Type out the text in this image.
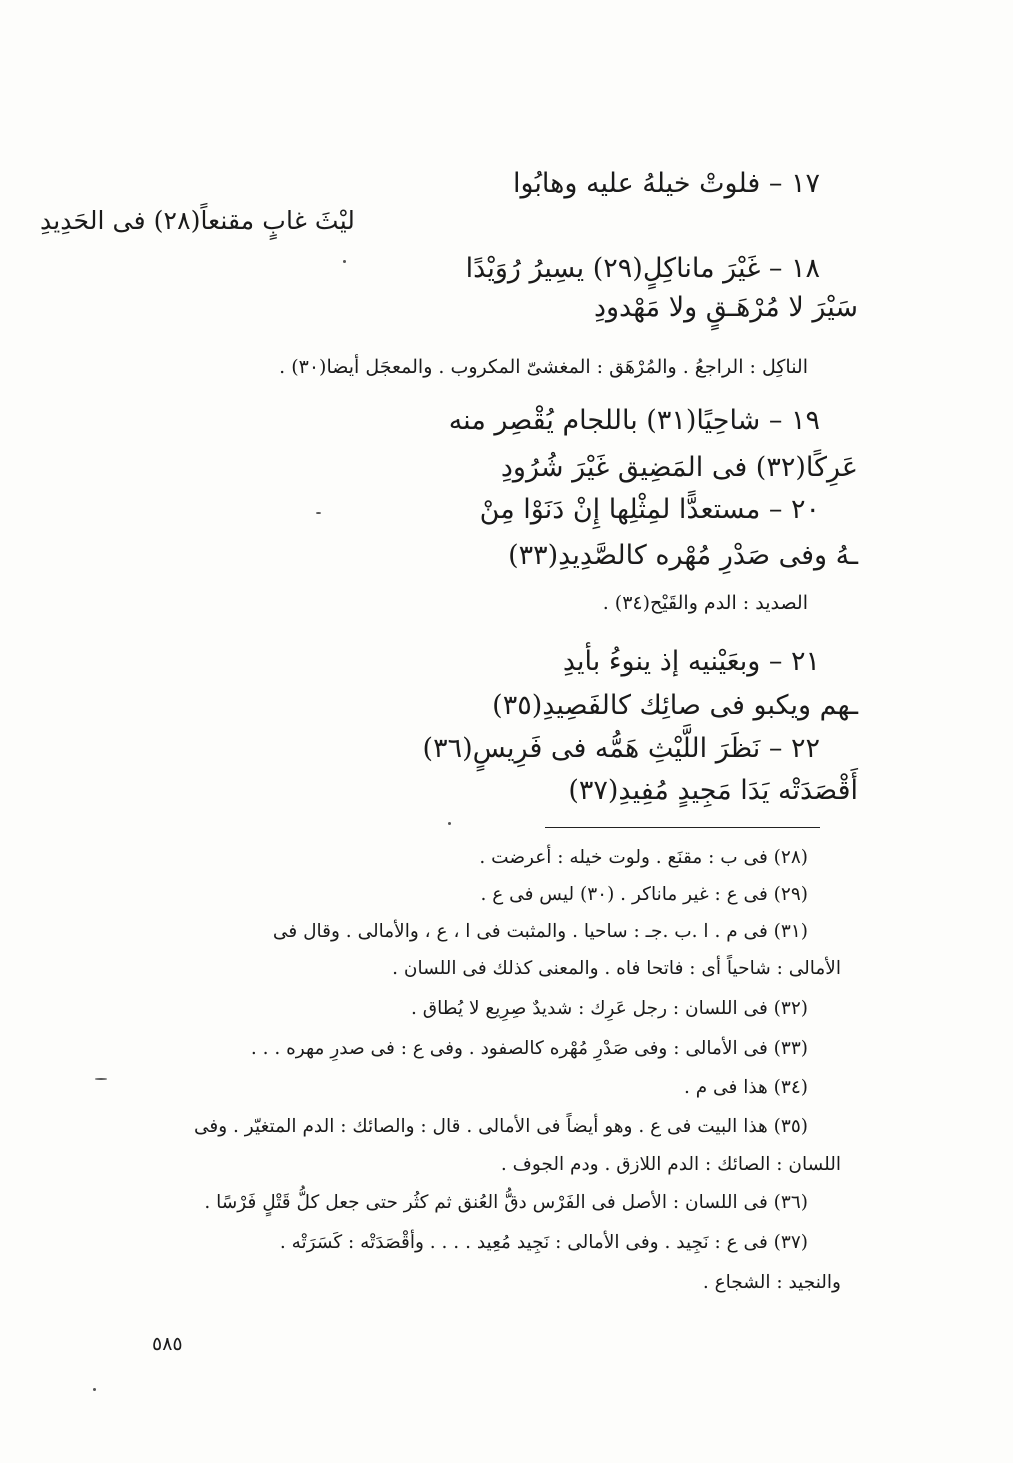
١٧ – فلوتْ خيلهُ عليه وهابُوا
ليْثَ غابٍ مقنعاً(٢٨) فى الحَدِيدِ
١٨ – غَيْرَ ماناكِلٍ(٢٩) يسِيرُ رُوَيْدًا
سَيْرَ لا مُرْهَـقٍ ولا مَهْدودِ
الناكِل : الراجعُ . والمُرْهَق : المغشىّ المكروب . والمعجَل أيضا(٣٠) .
١٩ – شاحِيًا(٣١) باللجام يُقْصِر منه
عَرِكًا(٣٢) فى المَضِيق غَيْرَ شُرُودِ
٢٠ – مستعدًّا لمِثْلِها إِنْ دَنَوْا مِنْ
ـهُ وفى صَدْرِ مُهْره كالصَّدِيدِ(٣٣)
الصديد : الدم والقَيْح(٣٤) .
٢١ – وبعَيْنيه إذ ينوءُ بأيدِ
ـهم ويكبو فى صائِك كالفَصِيدِ(٣٥)
٢٢ – نَظَرَ اللَّيْثِ هَمُّه فى فَرِيسٍ(٣٦)
أَقْصَدَتْه يَدَا مَجِيدٍ مُفِيدِ(٣٧)
(٢٨) فى ب : مقنَع . ولوت خيله : أعرضت .
(٢٩) فى ع : غير ماناكر . (٣٠) ليس فى ع .
(٣١) فى م . ا .ب .جـ : ساحيا . والمثبت فى ا ، ع ، والأمالى . وقال فى
الأمالى : شاحياً أى : فاتحا فاه . والمعنى كذلك فى اللسان .
(٣٢) فى اللسان : رجل عَرِك : شديدٌ صِرِيع لا يُطاق .
(٣٣) فى الأمالى : وفى صَدْرِ مُهْره كالصفود . وفى ع : فى صدرِ مهره . . .
(٣٤) هذا فى م .
(٣٥) هذا البيت فى ع . وهو أيضاً فى الأمالى . قال : والصائك : الدم المتغيّر . وفى
اللسان : الصائك : الدم اللازق . ودم الجوف .
(٣٦) فى اللسان : الأصل فى الفَرْس دقُّ العُنق ثم كثُر حتى جعل كلُّ قَتْلٍ فَرْسًا .
(٣٧) فى ع : نَجِيد . وفى الأمالى : نَجِيد مُعِيد . . . . وأقْصَدَتْه : كَسَرَتْه .
والنجيد : الشجاع .
٥٨٥
